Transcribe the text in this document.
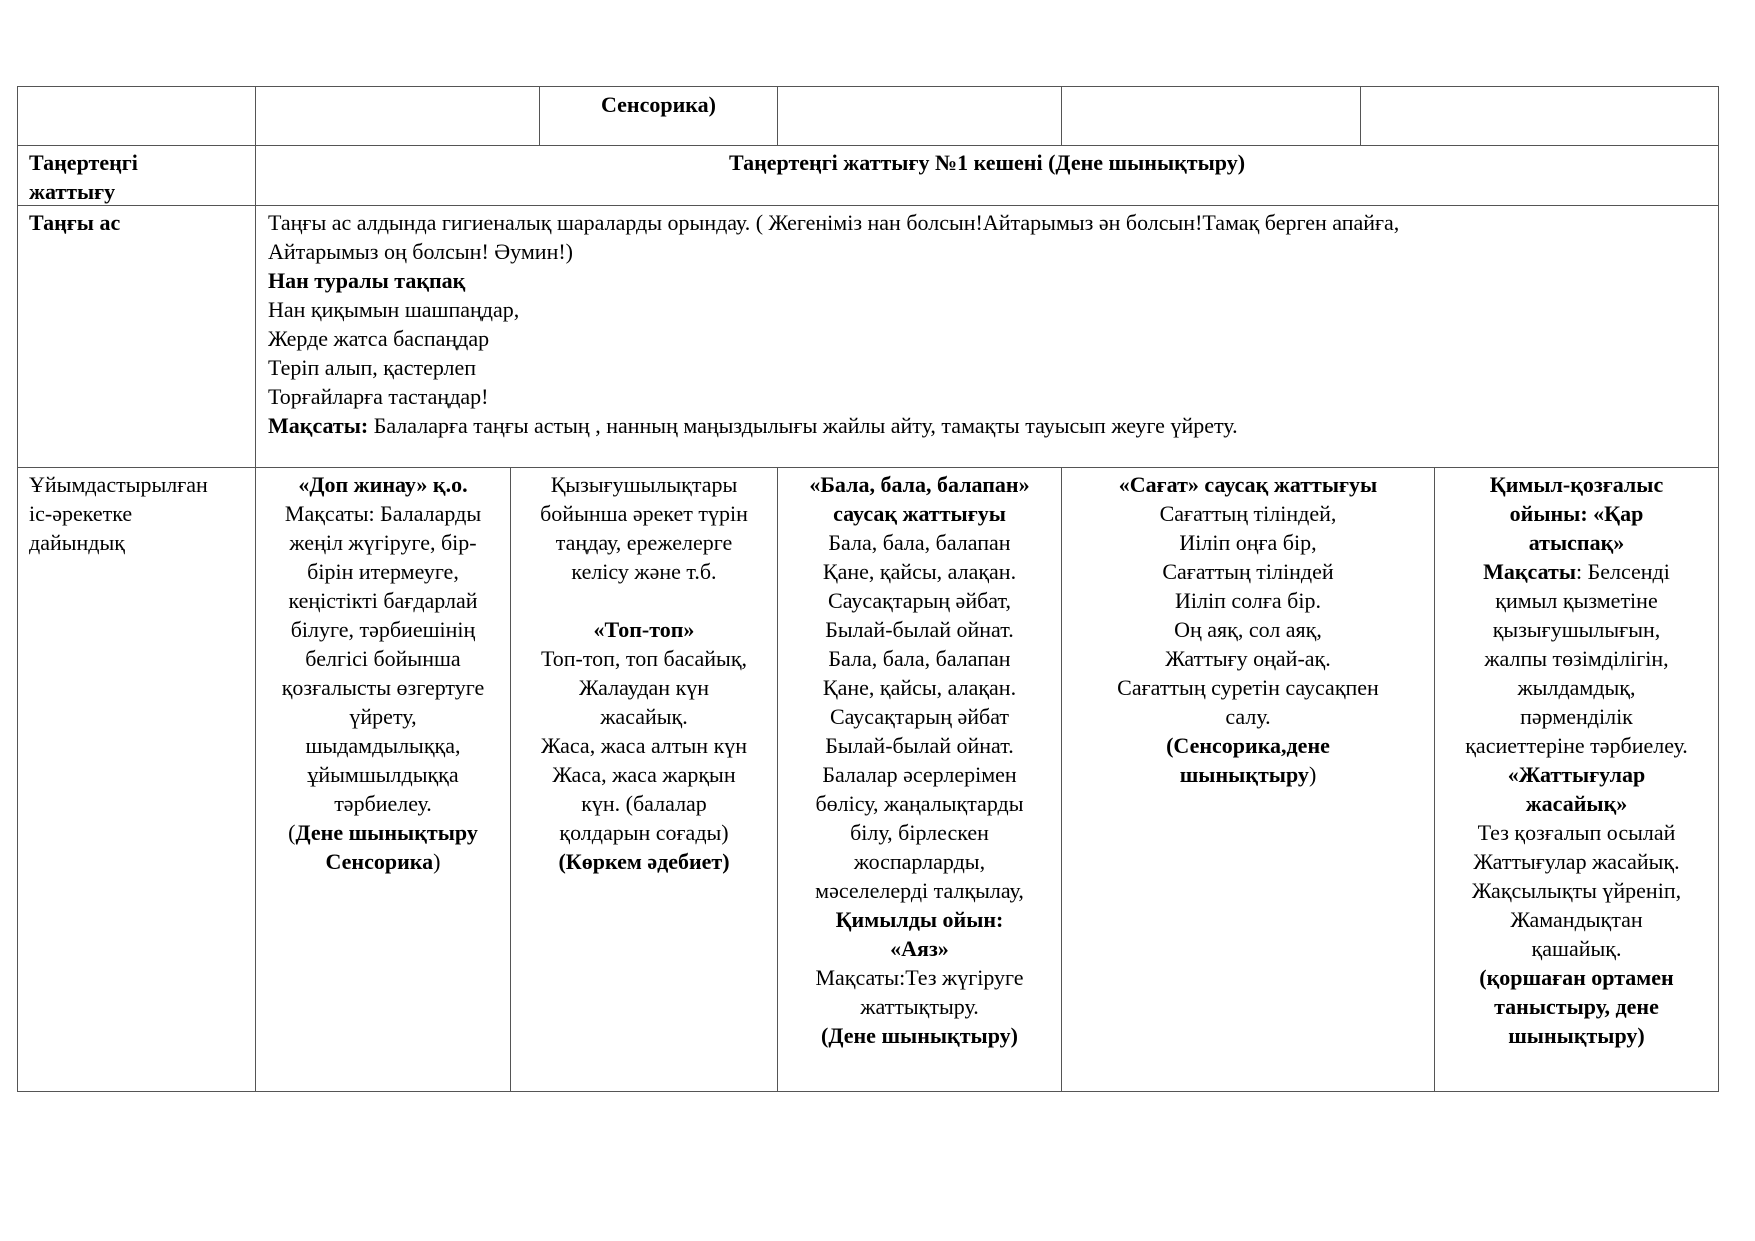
Сенсорика)
Таңертеңгі
жаттығу
Таңертеңгі жаттығу №1 кешені (Дене шынықтыру)
Таңғы ас	Таңғы ас алдында гигиеналық шараларды орындау. ( Жегеніміз нан болсын!Айтарымыз ән болсын!Тамақ берген апайға,
Айтарымыз оң болсын! Әумин!)
Нан туралы тақпақ
Нан қиқымын шашпаңдар,
Жерде жатса баспаңдар
Теріп алып, қастерлеп
Торғайларға тастаңдар!
Мақсаты: Балаларға таңғы астың , нанның маңыздылығы жайлы айту, тамақты тауысып жеуге үйрету.
Ұйымдастырылған
іс-әрекетке
дайындық
«Доп жинау» қ.о.
Мақсаты: Балаларды
жеңіл жүгіруге, бір-
бірін итермеуге,
кеңістікті бағдарлай
білуге, тәрбиешінің
белгісі бойынша
қозғалысты өзгертуге
үйрету,
шыдамдылыққа,
ұйымшылдыққа
тәрбиелеу.
(Дене шынықтыру
Сенсорика)
Қызығушылықтары
бойынша әрекет түрін
таңдау, ережелерге
келісу және т.б.

«Топ-топ»
Топ-топ, топ басайық,
Жалаудан күн
жасайық.
Жаса, жаса алтын күн
Жаса, жаса жарқын
күн. (балалар
қолдарын соғады)
(Көркем әдебиет)
«Бала, бала, балапан»
саусақ жаттығуы
Бала, бала, балапан
Қане, қайсы, алақан.
Саусақтарың әйбат,
Былай-былай ойнат.
Бала, бала, балапан
Қане, қайсы, алақан.
Саусақтарың әйбат
Былай-былай ойнат.
Балалар әсерлерімен
бөлісу, жаңалықтарды
білу, бірлескен
жоспарларды,
мәселелерді талқылау,
Қимылды ойын:
«Аяз»
Мақсаты:Тез жүгіруге
жаттықтыру.
(Дене шынықтыру)
«Сағат» саусақ жаттығуы
Сағаттың тіліндей,
Иіліп оңға бір,
Сағаттың тіліндей
Иіліп солға бір.
Оң аяқ, сол аяқ,
Жаттығу оңай-ақ.
Сағаттың суретін саусақпен
салу.
(Сенсорика,дене
шынықтыру)
Қимыл-қозғалыс
ойыны: «Қар
атыспақ»
Мақсаты: Белсенді
қимыл қызметіне
қызығушылығын,
жалпы төзімділігін,
жылдамдық,
пәрменділік
қасиеттеріне тәрбиелеу.
«Жаттығулар
жасайық»
Тез қозғалып осылай
Жаттығулар жасайық.
Жақсылықты үйреніп,
Жамандықтан
қашайық.
(қоршаған ортамен
таныстыру, дене
шынықтыру)
